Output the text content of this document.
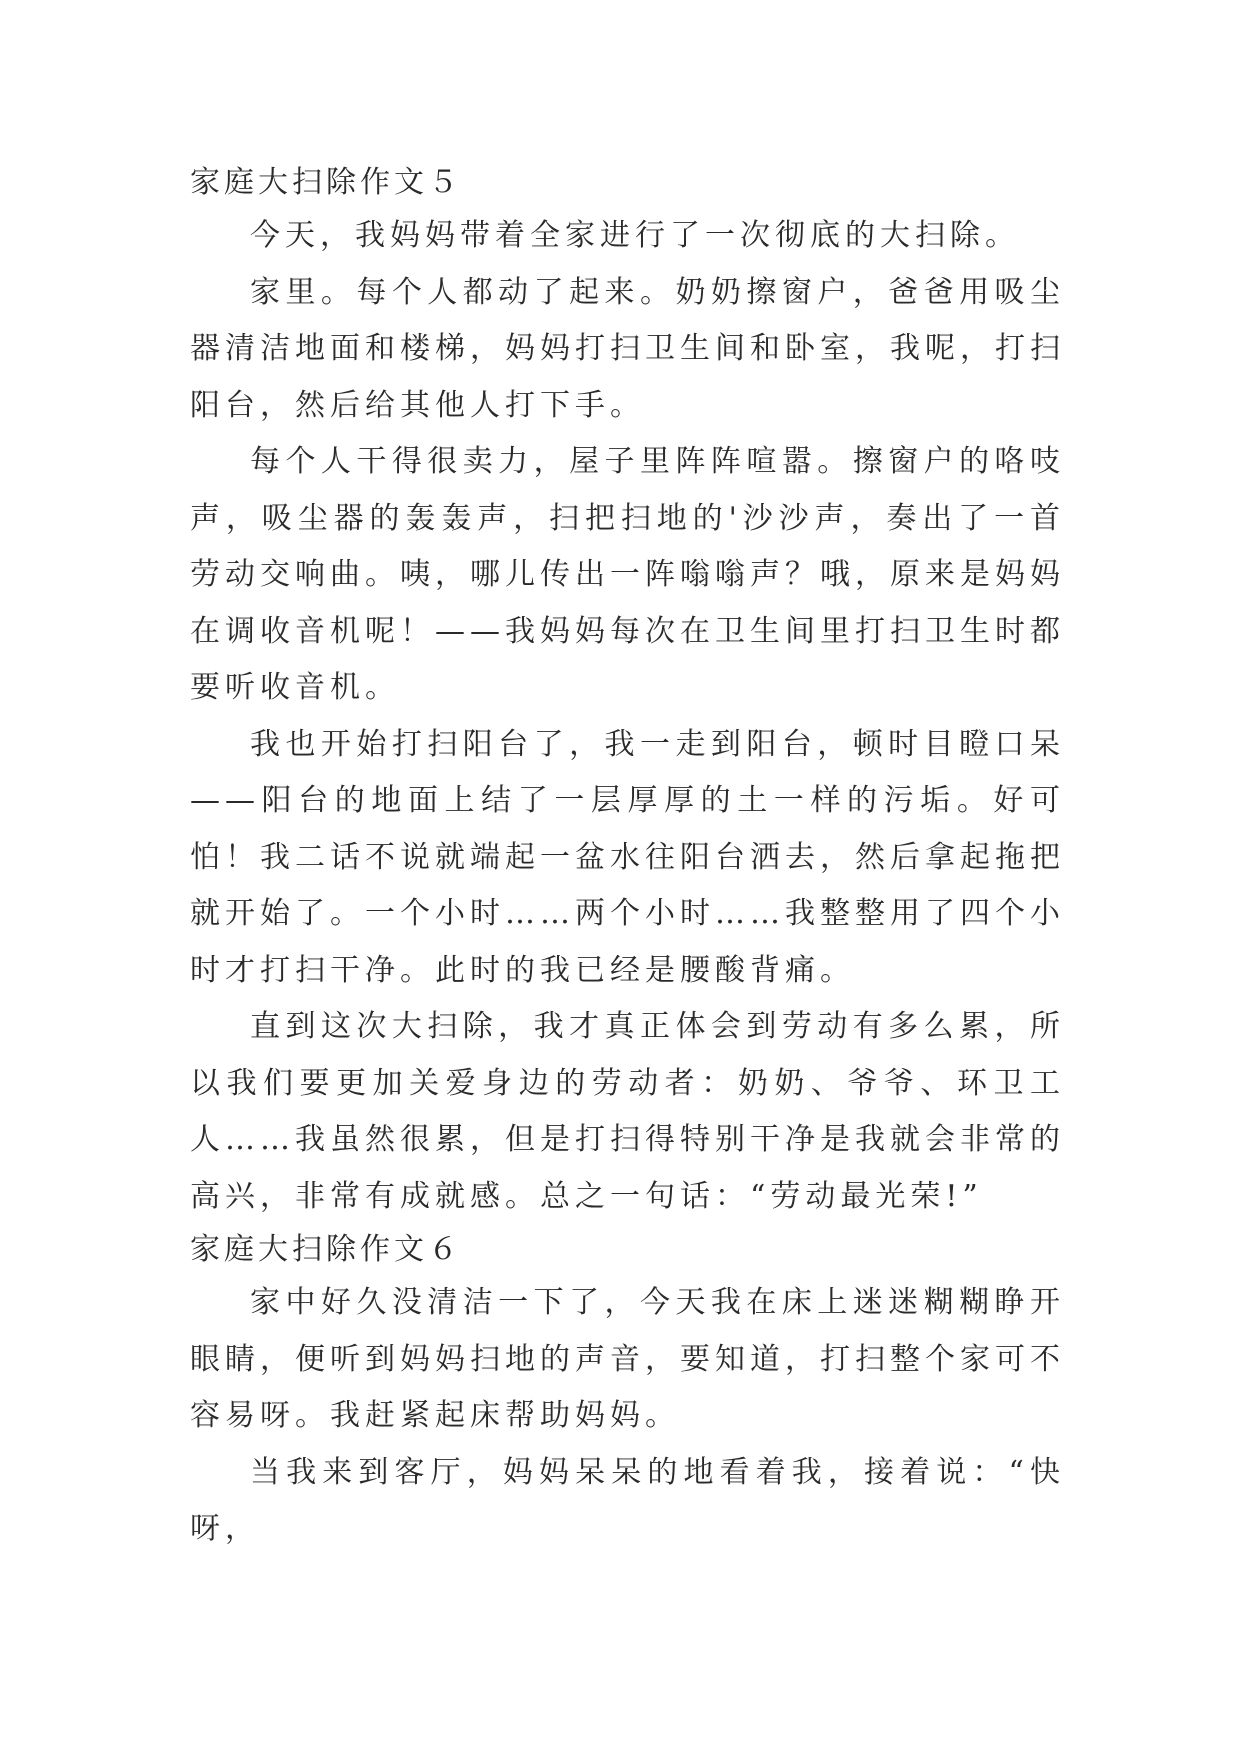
家庭大扫除作文５

今天，我妈妈带着全家进行了一次彻底的大扫除。

家里。每个人都动了起来。奶奶擦窗户，爸爸用吸尘器清洁地面和楼梯，妈妈打扫卫生间和卧室，我呢，打扫阳台，然后给其他人打下手。

每个人干得很卖力，屋子里阵阵喧嚣。擦窗户的咯吱声，吸尘器的轰轰声，扫把扫地的'沙沙声，奏出了一首劳动交响曲。咦，哪儿传出一阵嗡嗡声？哦，原来是妈妈在调收音机呢！——我妈妈每次在卫生间里打扫卫生时都要听收音机。

我也开始打扫阳台了，我一走到阳台，顿时目瞪口呆——阳台的地面上结了一层厚厚的土一样的污垢。好可怕！我二话不说就端起一盆水往阳台洒去，然后拿起拖把就开始了。一个小时……两个小时……我整整用了四个小时才打扫干净。此时的我已经是腰酸背痛。

直到这次大扫除，我才真正体会到劳动有多么累，所以我们要更加关爱身边的劳动者：奶奶、爷爷、环卫工人……我虽然很累，但是打扫得特别干净是我就会非常的高兴，非常有成就感。总之一句话：“劳动最光荣!”

家庭大扫除作文６

家中好久没清洁一下了，今天我在床上迷迷糊糊睁开眼睛，便听到妈妈扫地的声音，要知道，打扫整个家可不容易呀。我赶紧起床帮助妈妈。

当我来到客厅，妈妈呆呆的地看着我，接着说：“快呀，
